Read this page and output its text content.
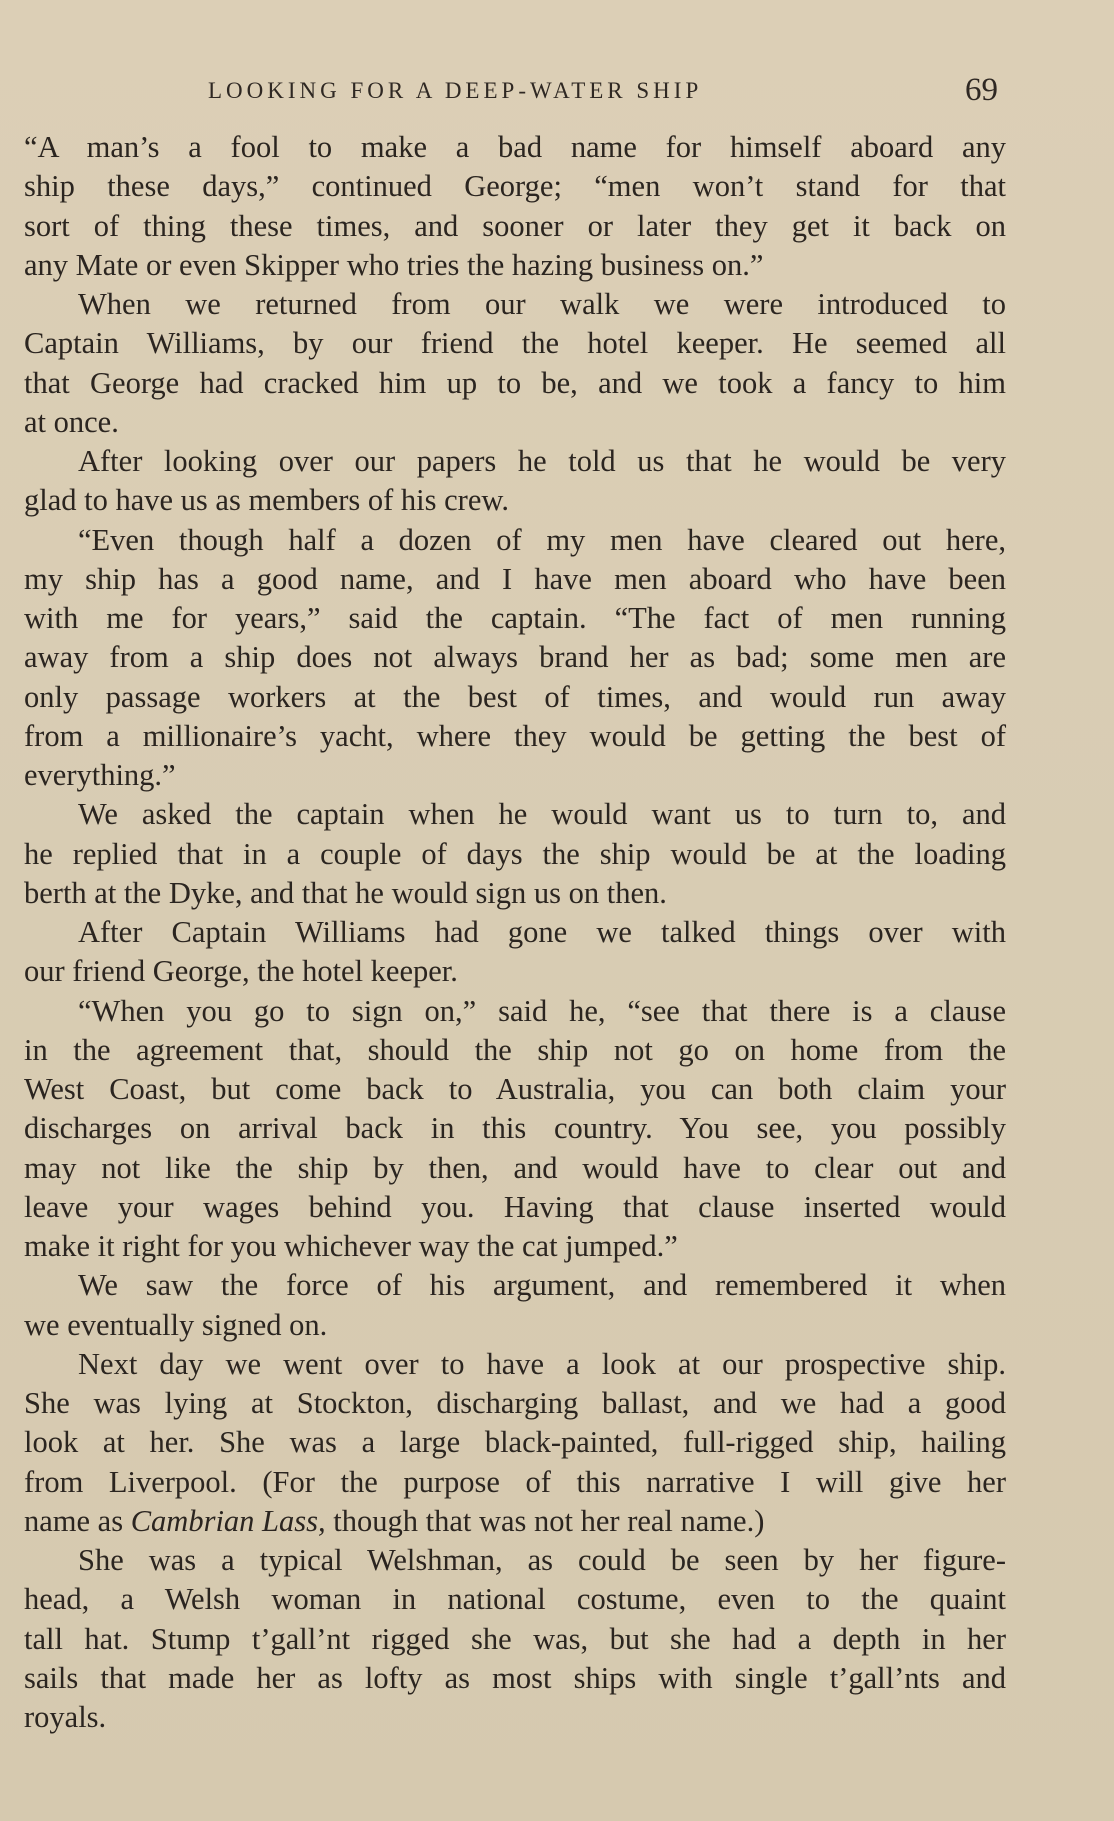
LOOKING FOR A DEEP-WATER SHIP	69
“A man’s a fool to make a bad name for himself aboard any
ship these days,” continued George; “men won’t stand for that
sort of thing these times, and sooner or later they get it back on
any Mate or even Skipper who tries the hazing business on.”
When we returned from our walk we were introduced to
Captain Williams, by our friend the hotel keeper. He seemed all
that George had cracked him up to be, and we took a fancy to him
at once.
After looking over our papers he told us that he would be very
glad to have us as members of his crew.
“Even though half a dozen of my men have cleared out here,
my ship has a good name, and I have men aboard who have been
with me for years,” said the captain. “The fact of men running
away from a ship does not always brand her as bad; some men are
only passage workers at the best of times, and would run away
from a millionaire’s yacht, where they would be getting the best of
everything.”
We asked the captain when he would want us to turn to, and
he replied that in a couple of days the ship would be at the loading
berth at the Dyke, and that he would sign us on then.
After Captain Williams had gone we talked things over with
our friend George, the hotel keeper.
“When you go to sign on,” said he, “see that there is a clause
in the agreement that, should the ship not go on home from the
West Coast, but come back to Australia, you can both claim your
discharges on arrival back in this country. You see, you possibly
may not like the ship by then, and would have to clear out and
leave your wages behind you. Having that clause inserted would
make it right for you whichever way the cat jumped.”
We saw the force of his argument, and remembered it when
we eventually signed on.
Next day we went over to have a look at our prospective ship.
She was lying at Stockton, discharging ballast, and we had a good
look at her. She was a large black-painted, full-rigged ship, hailing
from Liverpool. (For the purpose of this narrative I will give her
name as Cambrian Lass, though that was not her real name.)
She was a typical Welshman, as could be seen by her figure-
head, a Welsh woman in national costume, even to the quaint
tall hat. Stump t’gall’nt rigged she was, but she had a depth in her
sails that made her as lofty as most ships with single t’gall’nts and
royals.
